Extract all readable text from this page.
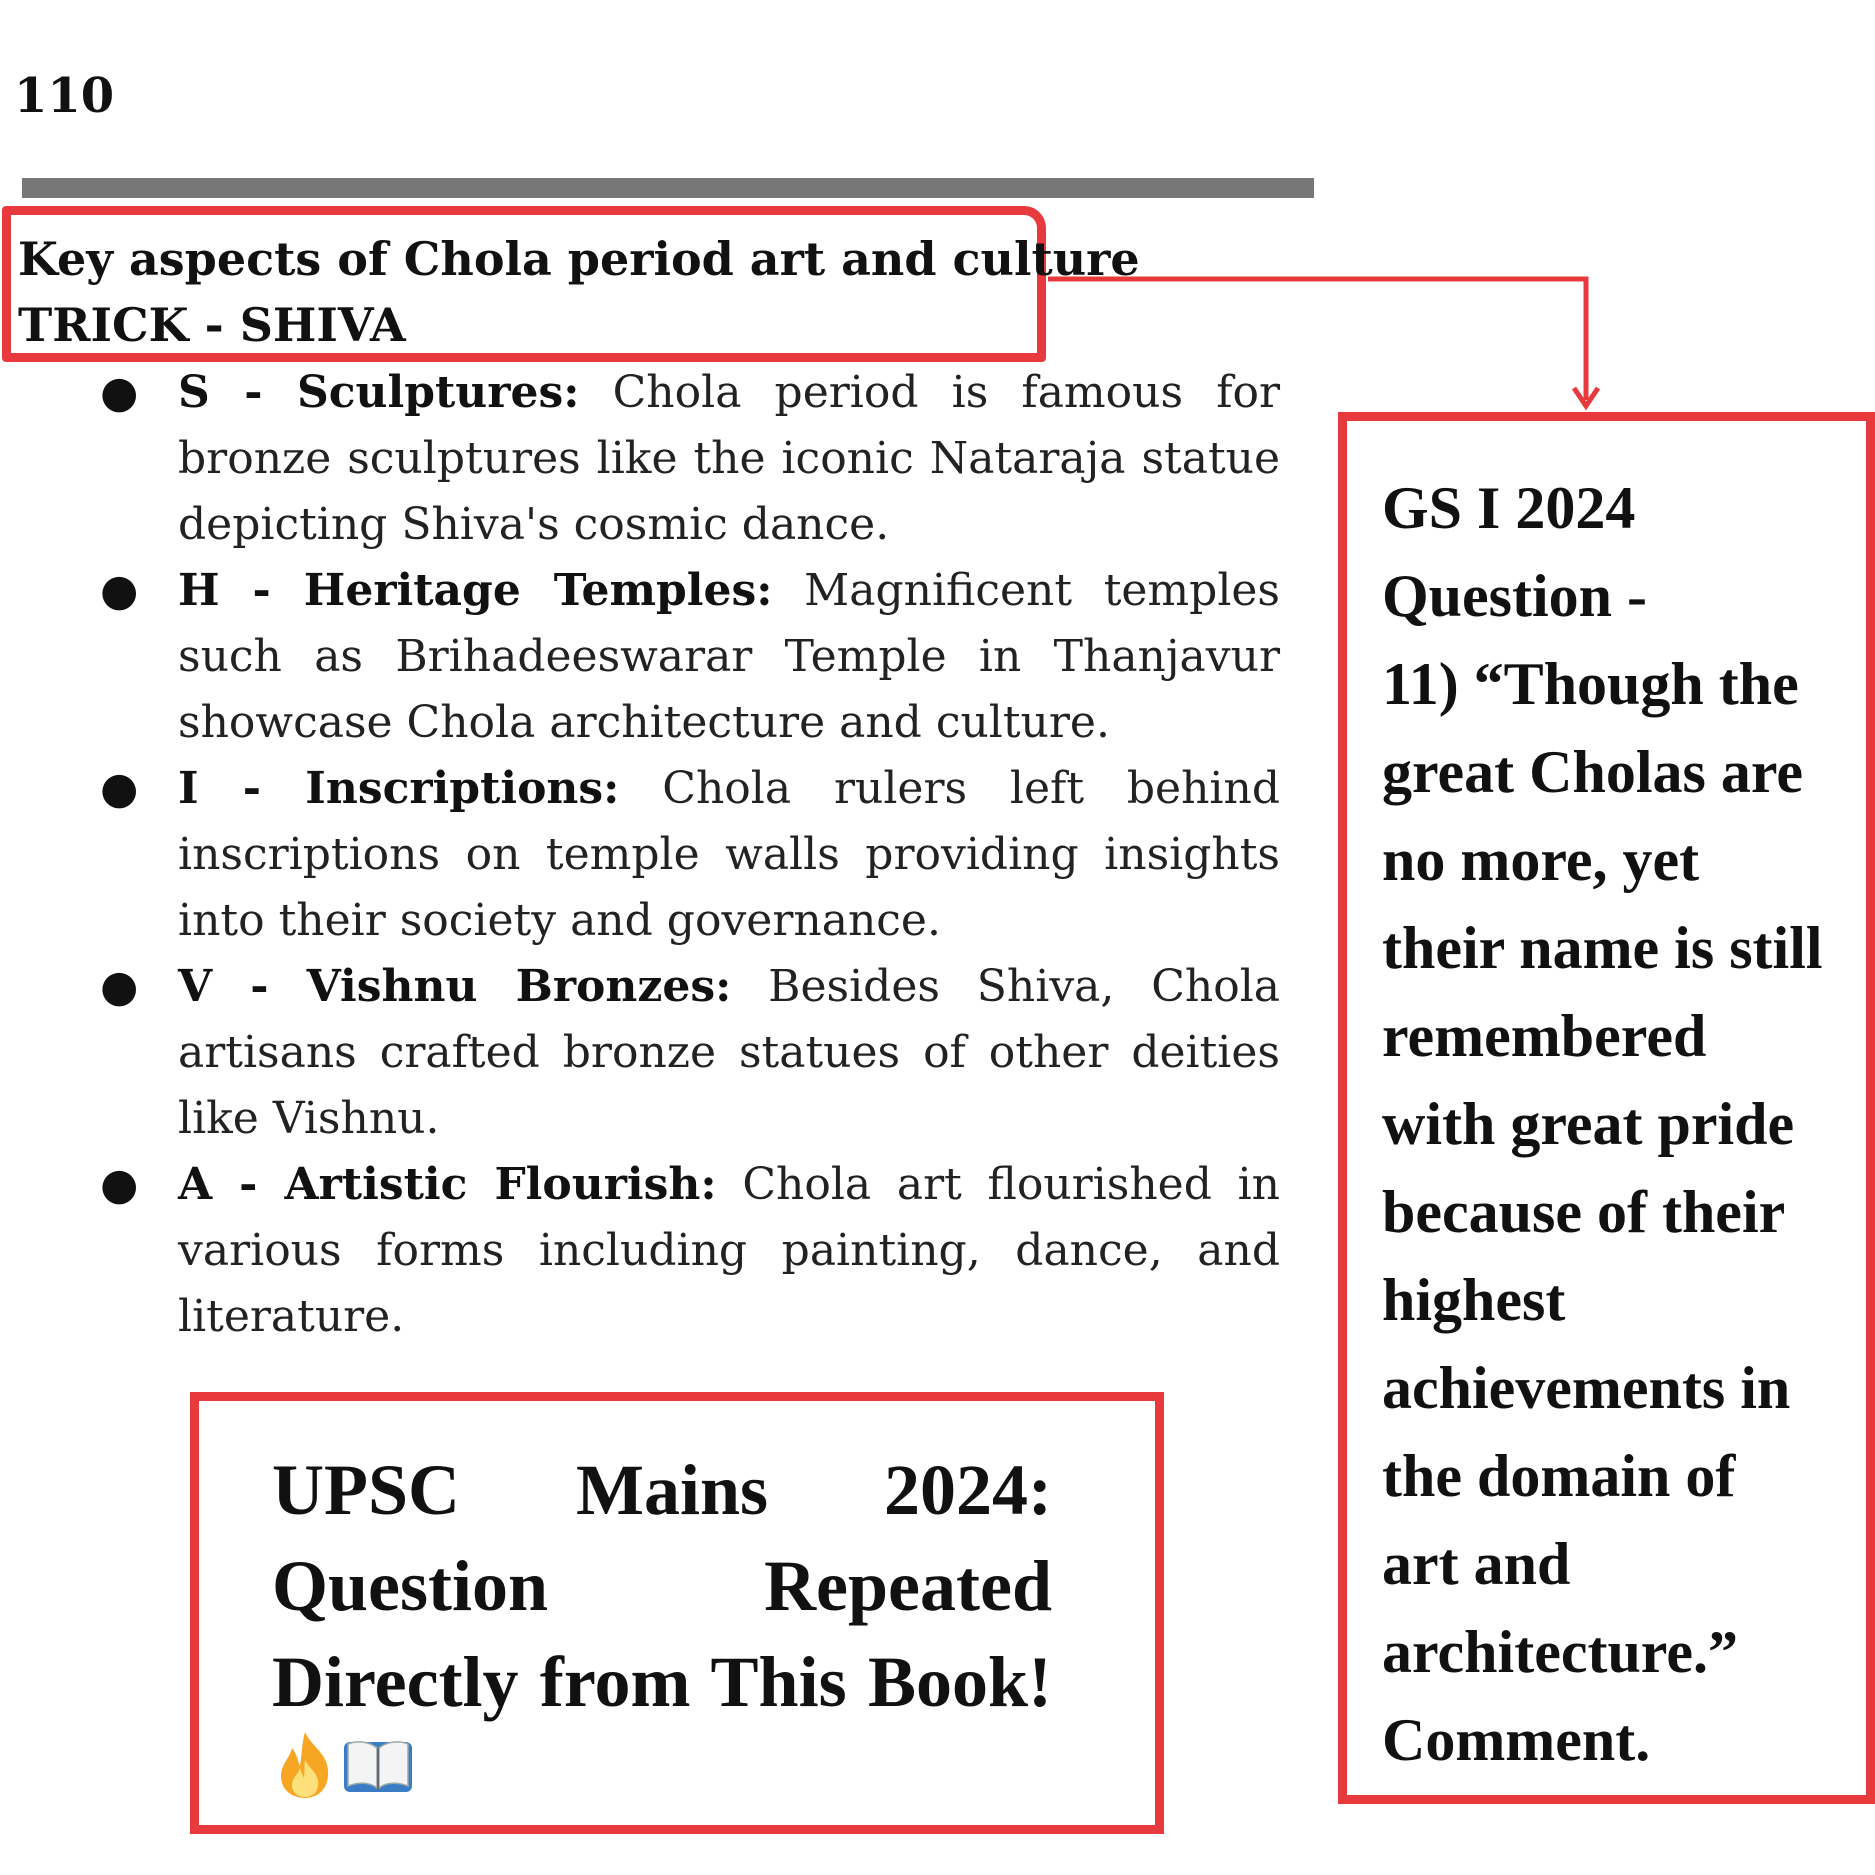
110
Key aspects of Chola period art and culture
TRICK - SHIVA
● S - Sculptures: Chola period is famous for bronze sculptures like the iconic Nataraja statue depicting Shiva's cosmic dance.
● H - Heritage Temples: Magnificent temples such as Brihadeeswarar Temple in Thanjavur showcase Chola architecture and culture.
● I - Inscriptions: Chola rulers left behind inscriptions on temple walls providing insights into their society and governance.
● V - Vishnu Bronzes: Besides Shiva, Chola artisans crafted bronze statues of other deities like Vishnu.
● A - Artistic Flourish: Chola art flourished in various forms including painting, dance, and literature.
UPSC Mains 2024: Question Repeated Directly from This Book!
GS I 2024
Question -
11) “Though the
great Cholas are
no more, yet
their name is still
remembered
with great pride
because of their
highest
achievements in
the domain of
art and
architecture.”
Comment.
